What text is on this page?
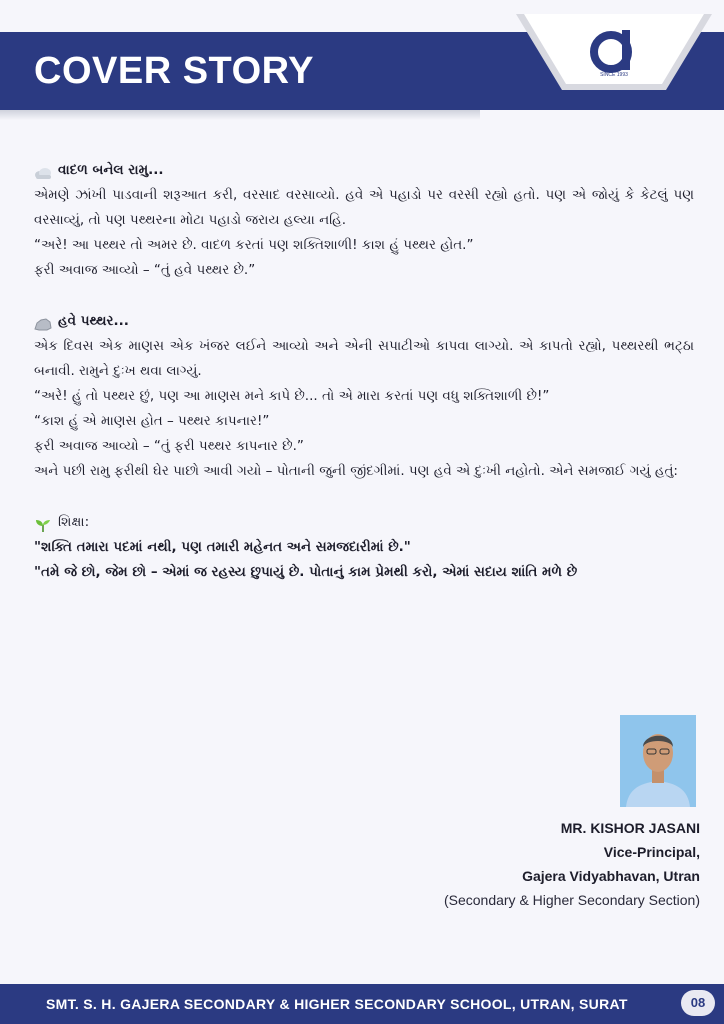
COVER STORY	SINCE 1993
વાદળ બનેલ રામુ...
એમણે ઝાંખી પાડવાની શરૂઆત કરી, વરસાદ વરસાવ્યો. હવે એ પહાડો પર વરસી રહ્યો હતો. પણ એ જોયું કે કેટલું પણ વરસાવ્યું, તો પણ પથ્થરના મોટા પહાડો જરાય હલ્યા નહિ.
“અરે! આ પથ્થર તો અમર છે. વાદળ કરતાં પણ શક્તિશાળી! કાશ હું પથ્થર હોત.”
ફરી અવાજ આવ્યો – “તું હવે પથ્થર છે.”
હવે પથ્થર...
એક દિવસ એક માણસ એક ખંજર લઈને આવ્યો અને એની સપાટીઓ કાપવા લાગ્યો. એ કાપતો રહ્યો, પથ્થરથી ભટ્ઠા બનાવી. રામુને દુઃખ થવા લાગ્યું.
“અરે! હું તો પથ્થર છું, પણ આ માણસ મને કાપે છે... તો એ મારા કરતાં પણ વધુ શક્તિશાળી છે!”
“કાશ હું એ માણસ હોત – પથ્થર કાપનાર!”
ફરી અવાજ આવ્યો – “તું ફરી પથ્થર કાપનાર છે.”
અને પછી રામુ ફરીથી ઘેર પાછો આવી ગયો – પોતાની જુની જીંદગીમાં. પણ હવે એ દુઃખી નહોતો. એને સમજાઈ ગયું હતું:
શિક્ષા:
"શક્તિ તમારા પદમાં નથી, પણ તમારી મહેનત અને સમજદારીમાં છે."
"તમે જે છો, જેમ છો – એમાં જ રહસ્ય છુપાયું છે. પોતાનું કામ પ્રેમથી કરો, એમાં સદાય શાંતિ મળે છે
MR. KISHOR JASANI
Vice-Principal,
Gajera Vidyabhavan, Utran
(Secondary & Higher Secondary Section)
SMT. S. H. GAJERA SECONDARY & HIGHER SECONDARY SCHOOL, UTRAN, SURAT	08
